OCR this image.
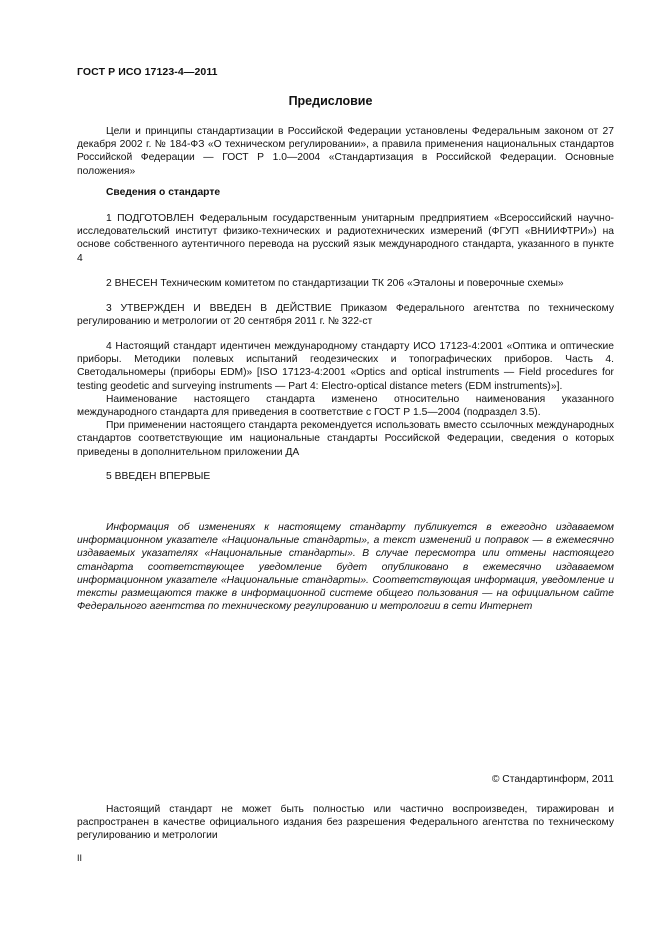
ГОСТ Р ИСО 17123-4—2011
Предисловие

Цели и принципы стандартизации в Российской Федерации установлены Федеральным законом от 27 декабря 2002 г. № 184-ФЗ «О техническом регулировании», а правила применения национальных стандартов Российской Федерации — ГОСТ Р 1.0—2004 «Стандартизация в Российской Федерации. Основные положения»

Сведения о стандарте

1 ПОДГОТОВЛЕН Федеральным государственным унитарным предприятием «Всероссийский научно-исследовательский институт физико-технических и радиотехнических измерений (ФГУП «ВНИИФТРИ») на основе собственного аутентичного перевода на русский язык международного стандарта, указанного в пункте 4

2 ВНЕСЕН Техническим комитетом по стандартизации ТК 206 «Эталоны и поверочные схемы»

3 УТВЕРЖДЕН И ВВЕДЕН В ДЕЙСТВИЕ Приказом Федерального агентства по техническому регулированию и метрологии от 20 сентября 2011 г. № 322-ст

4 Настоящий стандарт идентичен международному стандарту ИСО 17123-4:2001 «Оптика и оптические приборы. Методики полевых испытаний геодезических и топографических приборов. Часть 4. Светодальномеры (приборы EDM)» [ISO 17123-4:2001 «Optics and optical instruments — Field procedures for testing geodetic and surveying instruments — Part 4: Electro-optical distance meters (EDM instruments)»].

Наименование настоящего стандарта изменено относительно наименования указанного международного стандарта для приведения в соответствие с ГОСТ Р 1.5—2004 (подраздел 3.5).

При применении настоящего стандарта рекомендуется использовать вместо ссылочных международных стандартов соответствующие им национальные стандарты Российской Федерации, сведения о которых приведены в дополнительном приложении ДА

5 ВВЕДЕН ВПЕРВЫЕ

Информация об изменениях к настоящему стандарту публикуется в ежегодно издаваемом информационном указателе «Национальные стандарты», а текст изменений и поправок — в ежемесячно издаваемых указателях «Национальные стандарты». В случае пересмотра или отмены настоящего стандарта соответствующее уведомление будет опубликовано в ежемесячно издаваемом информационном указателе «Национальные стандарты». Соответствующая информация, уведомление и тексты размещаются также в информационной системе общего пользования — на официальном сайте Федерального агентства по техническому регулированию и метрологии в сети Интернет

© Стандартинформ, 2011

Настоящий стандарт не может быть полностью или частично воспроизведен, тиражирован и распространен в качестве официального издания без разрешения Федерального агентства по техническому регулированию и метрологии

II
